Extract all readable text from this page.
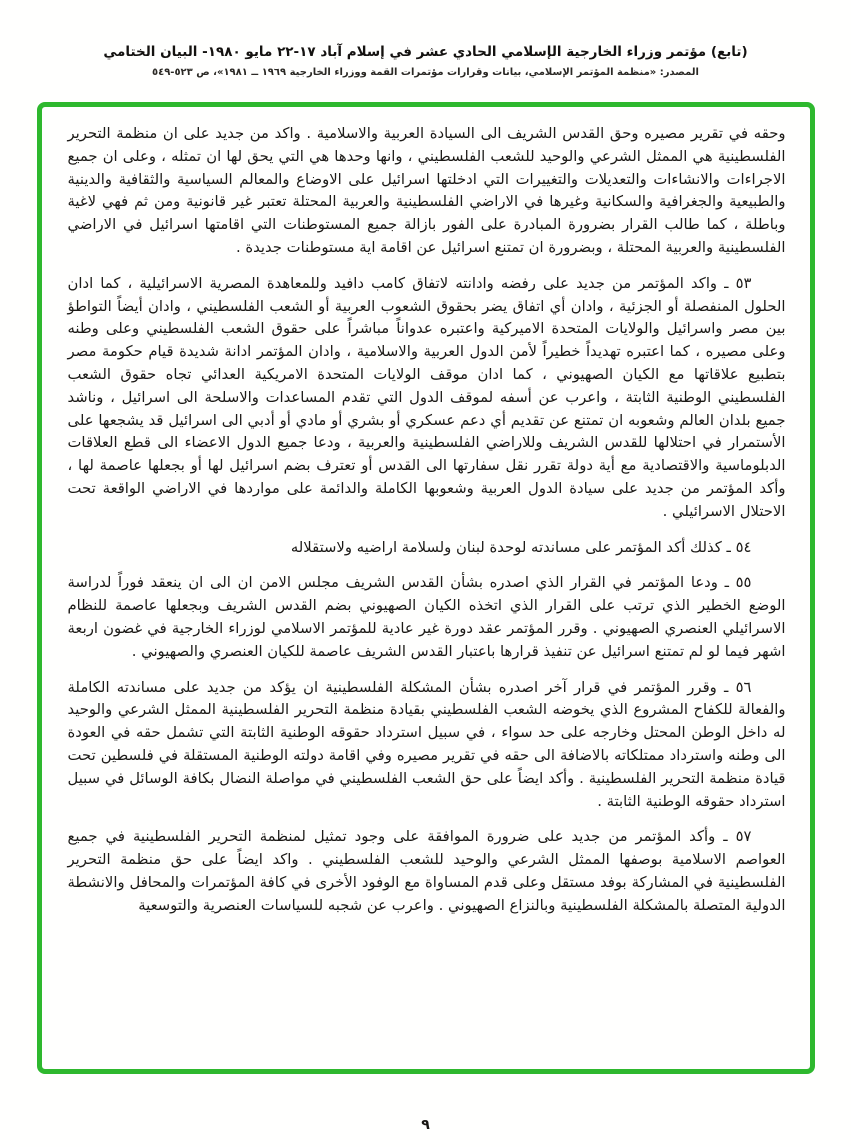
(تابع) مؤتمر وزراء الخارجية الإسلامي الحادي عشر في إسلام آباد ١٧-٢٢ مايو ١٩٨٠- البيان الختامي
المصدر: «منظمة المؤتمر الإسلامي، بيانات وقرارات مؤتمرات القمة ووزراء الخارجية ١٩٦٩ ــ ١٩٨١»، ص ٥٢٣-٥٤٩

وحقه في تقرير مصيره وحق القدس الشريف الى السيادة العربية والاسلامية . واكد من جديد على ان منظمة التحرير الفلسطينية هي الممثل الشرعي والوحيد للشعب الفلسطيني ، وانها وحدها هي التي يحق لها ان تمثله ، وعلى ان جميع الاجراءات والانشاءات والتعديلات والتغييرات التي ادخلتها اسرائيل على الاوضاع والمعالم السياسية والثقافية والدينية والطبيعية والجغرافية والسكانية وغيرها في الاراضي الفلسطينية والعربية المحتلة تعتبر غير قانونية ومن ثم فهي لاغية وباطلة ، كما طالب القرار بضرورة المبادرة على الفور بازالة جميع المستوطنات التي اقامتها اسرائيل في الاراضي الفلسطينية والعربية المحتلة ، وبضرورة ان تمتنع اسرائيل عن اقامة اية مستوطنات جديدة .

٥٣ ـ واكد المؤتمر من جديد على رفضه وادانته لاتفاق كامب دافيد وللمعاهدة المصرية الاسرائيلية ، كما ادان الحلول المنفصلة أو الجزئية ، وادان أي اتفاق يضر بحقوق الشعوب العربية أو الشعب الفلسطيني ، وادان أيضاً التواطؤ بين مصر واسرائيل والولايات المتحدة الاميركية واعتبره عدواناً مباشراً على حقوق الشعب الفلسطيني وعلى وطنه وعلى مصيره ، كما اعتبره تهديداً خطيراً لأمن الدول العربية والاسلامية ، وادان المؤتمر ادانة شديدة قيام حكومة مصر بتطبيع علاقاتها مع الكيان الصهيوني ، كما ادان موقف الولايات المتحدة الامريكية العدائي تجاه حقوق الشعب الفلسطيني الوطنية الثابتة ، واعرب عن أسفه لموقف الدول التي تقدم المساعدات والاسلحة الى اسرائيل ، وناشد جميع بلدان العالم وشعوبه ان تمتنع عن تقديم أي دعم عسكري أو بشري أو مادي أو أدبي الى اسرائيل قد يشجعها على الأستمرار في احتلالها للقدس الشريف وللاراضي الفلسطينية والعربية ، ودعا جميع الدول الاعضاء الى قطع العلاقات الدبلوماسية والاقتصادية مع أية دولة تقرر نقل سفارتها الى القدس أو تعترف بضم اسرائيل لها أو بجعلها عاصمة لها ، وأكد المؤتمر من جديد على سيادة الدول العربية وشعوبها الكاملة والدائمة على مواردها في الاراضي الواقعة تحت الاحتلال الاسرائيلي .

٥٤ ـ كذلك أكد المؤتمر على مساندته لوحدة لبنان ولسلامة اراضيه ولاستقلاله

٥٥ ـ ودعا المؤتمر في القرار الذي اصدره بشأن القدس الشريف مجلس الامن ان الى ان ينعقد فوراً لدراسة الوضع الخطير الذي ترتب على القرار الذي اتخذه الكيان الصهيوني بضم القدس الشريف وبجعلها عاصمة للنظام الاسرائيلي العنصري الصهيوني . وقرر المؤتمر عقد دورة غير عادية للمؤتمر الاسلامي لوزراء الخارجية في غضون اربعة اشهر فيما لو لم تمتنع اسرائيل عن تنفيذ قرارها باعتبار القدس الشريف عاصمة للكيان العنصري والصهيوني .

٥٦ ـ وقرر المؤتمر في قرار آخر اصدره بشأن المشكلة الفلسطينية ان يؤكد من جديد على مساندته الكاملة والفعالة للكفاح المشروع الذي يخوضه الشعب الفلسطيني بقيادة منظمة التحرير الفلسطينية الممثل الشرعي والوحيد له داخل الوطن المحتل وخارجه على حد سواء ، في سبيل استرداد حقوقه الوطنية الثابتة التي تشمل حقه في العودة الى وطنه واسترداد ممتلكاته بالاضافة الى حقه في تقرير مصيره وفي اقامة دولته الوطنية المستقلة في فلسطين تحت قيادة منظمة التحرير الفلسطينية . وأكد ايضاً على حق الشعب الفلسطيني في مواصلة النضال بكافة الوسائل في سبيل استرداد حقوقه الوطنية الثابتة .

٥٧ ـ وأكد المؤتمر من جديد على ضرورة الموافقة على وجود تمثيل لمنظمة التحرير الفلسطينية في جميع العواصم الاسلامية بوصفها الممثل الشرعي والوحيد للشعب الفلسطيني . واكد ايضاً على حق منظمة التحرير الفلسطينية في المشاركة بوفد مستقل وعلى قدم المساواة مع الوفود الأخرى في كافة المؤتمرات والمحافل والانشطة الدولية المتصلة بالمشكلة الفلسطينية وبالنزاع الصهيوني . واعرب عن شجبه للسياسات العنصرية والتوسعية

٩
